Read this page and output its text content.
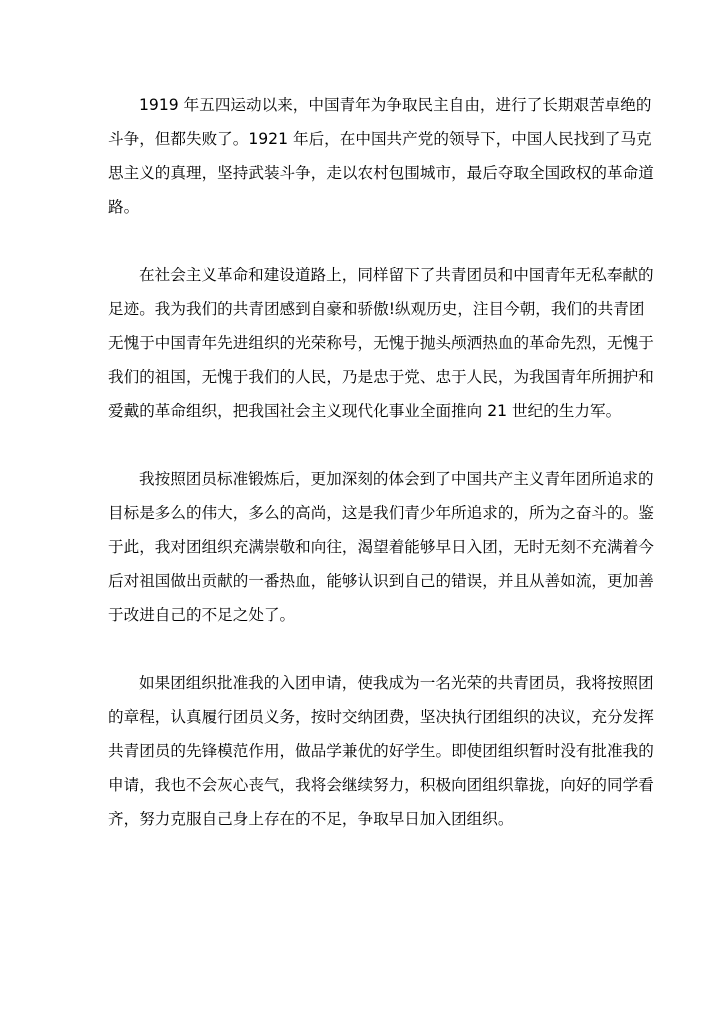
1919 年五四运动以来，中国青年为争取民主自由，进行了长期艰苦卓绝的
斗争，但都失败了。1921 年后，在中国共产党的领导下，中国人民找到了马克
思主义的真理，坚持武装斗争，走以农村包围城市，最后夺取全国政权的革命道
路。

在社会主义革命和建设道路上，同样留下了共青团员和中国青年无私奉献的
足迹。我为我们的共青团感到自豪和骄傲!纵观历史，注目今朝，我们的共青团
无愧于中国青年先进组织的光荣称号，无愧于抛头颅洒热血的革命先烈，无愧于
我们的祖国，无愧于我们的人民，乃是忠于党、忠于人民，为我国青年所拥护和
爱戴的革命组织，把我国社会主义现代化事业全面推向 21 世纪的生力军。

我按照团员标准锻炼后，更加深刻的体会到了中国共产主义青年团所追求的
目标是多么的伟大，多么的高尚，这是我们青少年所追求的，所为之奋斗的。鉴
于此，我对团组织充满崇敬和向往，渴望着能够早日入团，无时无刻不充满着今
后对祖国做出贡献的一番热血，能够认识到自己的错误，并且从善如流，更加善
于改进自己的不足之处了。

如果团组织批准我的入团申请，使我成为一名光荣的共青团员，我将按照团
的章程，认真履行团员义务，按时交纳团费，坚决执行团组织的决议，充分发挥
共青团员的先锋模范作用，做品学兼优的好学生。即使团组织暂时没有批准我的
申请，我也不会灰心丧气，我将会继续努力，积极向团组织靠拢，向好的同学看
齐，努力克服自己身上存在的不足，争取早日加入团组织。
